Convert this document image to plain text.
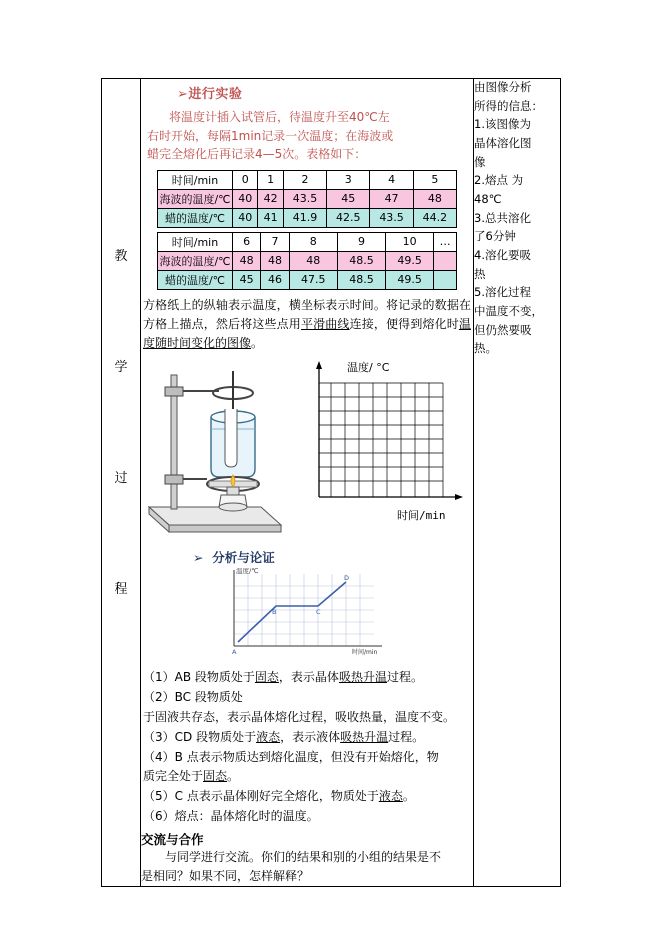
教
学
过
程

➢进行实验
将温度计插入试管后，待温度升至40℃左
右时开始，每隔1min记录一次温度；在海波或
蜡完全熔化后再记录4—5次。表格如下：
时间/min	0	1	2	3	4	5
海波的温度/℃	40	42	43.5	45	47	48
蜡的温度/℃	40	41	41.9	42.5	43.5	44.2
时间/min	6	7	8	9	10	…
海波的温度/℃	48	48	48	48.5	49.5	
蜡的温度/℃	45	46	47.5	48.5	49.5	
方格纸上的纵轴表示温度，横坐标表示时间。将记录的数据在方格上描点，然后将这些点用平滑曲线连接，便得到熔化时温度随时间变化的图像。
温度/ °C
时间/min
➢ 分析与论证
温度/℃
A
B	C
D
时间/min

（1）AB 段物质处于固态，表示晶体吸热升温过程。

（2）BC 段物质处

于固液共存态，表示晶体熔化过程，吸收热量，温度不变。

（3）CD 段物质处于液态，表示液体吸热升温过程。

（4）B 点表示物质达到熔化温度，但没有开始熔化，物

质完全处于固态。

（5）C 点表示晶体刚好完全熔化，物质处于液态。

（6）熔点：晶体熔化时的温度。

交流与合作

与同学进行交流。你们的结果和别的小组的结果是不
是相同？如果不同，怎样解释？

由图像分析

所得的信息：

1.该图像为

晶体溶化图

像

2.熔点 为

48℃

3.总共溶化

了6分钟

4.溶化要吸

热

5.溶化过程

中温度不变，

但仍然要吸

热。
